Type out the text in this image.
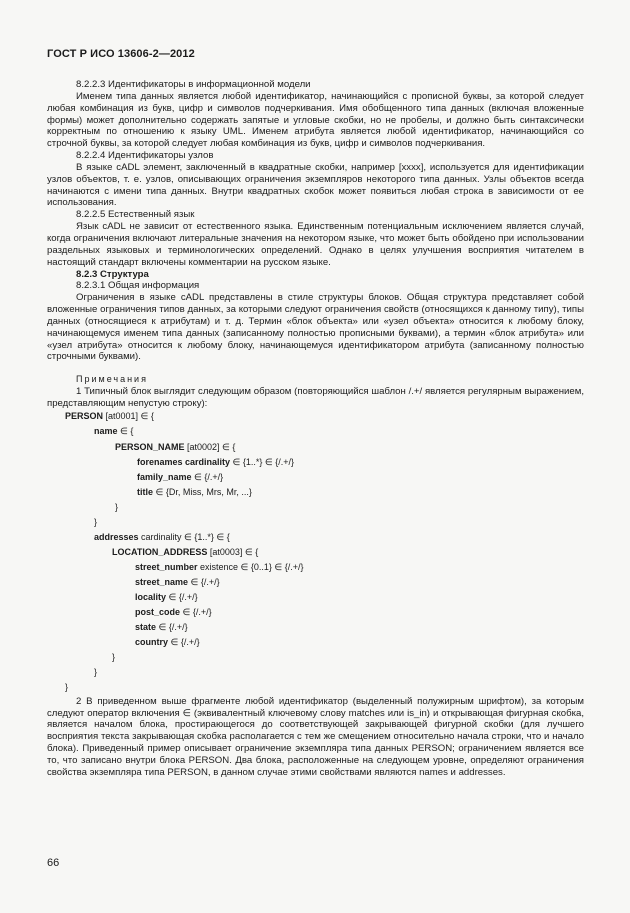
ГОСТ Р ИСО 13606-2—2012

8.2.2.3 Идентификаторы в информационной модели

Именем типа данных является любой идентификатор, начинающийся с прописной буквы, за которой следует любая комбинация из букв, цифр и символов подчеркивания. Имя обобщенного типа данных (включая вложенные формы) может дополнительно содержать запятые и угловые скобки, но не пробелы, и должно быть синтаксически корректным по отношению к языку UML. Именем атрибута является любой идентификатор, начинающийся со строчной буквы, за которой следует любая комбинация из букв, цифр и символов подчеркивания.

8.2.2.4 Идентификаторы узлов

В языке cADL элемент, заключенный в квадратные скобки, например [xxxx], используется для идентификации узлов объектов, т. е. узлов, описывающих ограничения экземпляров некоторого типа данных. Узлы объектов всегда начинаются с имени типа данных. Внутри квадратных скобок может появиться любая строка в зависимости от ее использования.

8.2.2.5 Естественный язык

Язык cADL не зависит от естественного языка. Единственным потенциальным исключением является случай, когда ограничения включают литеральные значения на некотором языке, что может быть обойдено при использовании раздельных языковых и терминологических определений. Однако в целях улучшения восприятия читателем в настоящий стандарт включены комментарии на русском языке.

8.2.3 Структура

8.2.3.1 Общая информация

Ограничения в языке cADL представлены в стиле структуры блоков. Общая структура представляет собой вложенные ограничения типов данных, за которыми следуют ограничения свойств (относящихся к данному типу), типы данных (относящиеся к атрибутам) и т. д. Термин «блок объекта» или «узел объекта» относится к любому блоку, начинающемуся именем типа данных (записанному полностью прописными буквами), а термин «блок атрибута» или «узел атрибута» относится к любому блоку, начинающемуся идентификатором атрибута (записанному полностью строчными буквами).

Примечания

1 Типичный блок выглядит следующим образом (повторяющийся шаблон /.+/ является регулярным выражением, представляющим непустую строку):

PERSON [at0001] ∈ {
name ∈ {
PERSON_NAME [at0002] ∈ {
forenames cardinality ∈ {1..*} ∈ {/.+/}
family_name ∈ {/.+/}
title ∈ {Dr, Miss, Mrs, Mr, ...}
}
}
addresses cardinality ∈ {1..*} ∈ {
LOCATION_ADDRESS [at0003] ∈ {
street_number existence ∈ {0..1} ∈ {/.+/}
street_name ∈ {/.+/}
locality ∈ {/.+/}
post_code ∈ {/.+/}
state ∈ {/.+/}
country ∈ {/.+/}
}
}
}

2 В приведенном выше фрагменте любой идентификатор (выделенный полужирным шрифтом), за которым следуют оператор включения ∈ (эквивалентный ключевому слову matches или is_in) и открывающая фигурная скобка, является началом блока, простирающегося до соответствующей закрывающей фигурной скобки (для лучшего восприятия текста закрывающая скобка располагается с тем же смещением относительно начала строки, что и начало блока). Приведенный пример описывает ограничение экземпляра типа данных PERSON; ограничением является все то, что записано внутри блока PERSON. Два блока, расположенные на следующем уровне, определяют ограничения свойства экземпляра типа PERSON, в данном случае этими свойствами являются names и addresses.

66
